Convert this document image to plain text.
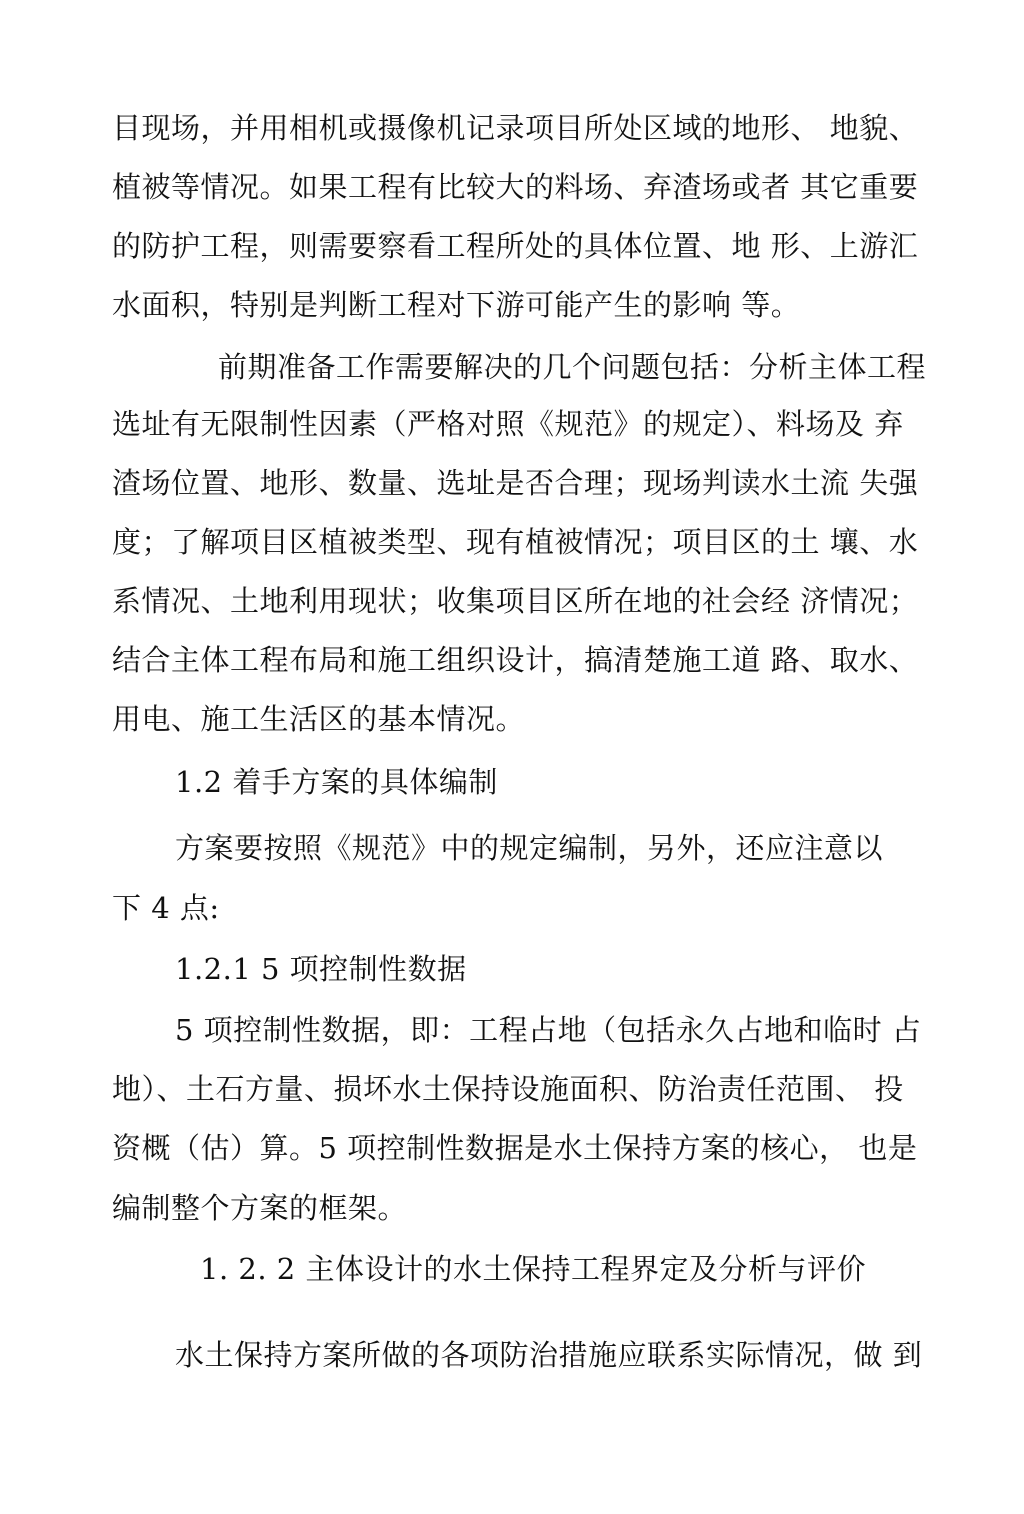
目现场，并用相机或摄像机记录项目所处区域的地形、 地貌、
植被等情况。如果工程有比较大的料场、弃渣场或者 其它重要
的防护工程，则需要察看工程所处的具体位置、地 形、上游汇
水面积，特别是判断工程对下游可能产生的影响 等。
前期准备工作需要解决的几个问题包括：分析主体工程
选址有无限制性因素（严格对照《规范》的规定）、料场及 弃
渣场位置、地形、数量、选址是否合理；现场判读水土流 失强
度；了解项目区植被类型、现有植被情况；项目区的土 壤、水
系情况、土地利用现状；收集项目区所在地的社会经 济情况；
结合主体工程布局和施工组织设计，搞清楚施工道 路、取水、
用电、施工生活区的基本情况。
1.2 着手方案的具体编制
方案要按照《规范》中的规定编制，另外，还应注意以
下 4 点:
1.2.1 5 项控制性数据
5 项控制性数据，即：工程占地（包括永久占地和临时 占
地）、土石方量、损坏水土保持设施面积、防治责任范围、 投
资概（估）算。5 项控制性数据是水土保持方案的核心， 也是
编制整个方案的框架。
1. 2. 2 主体设计的水土保持工程界定及分析与评价
水土保持方案所做的各项防治措施应联系实际情况，做 到
